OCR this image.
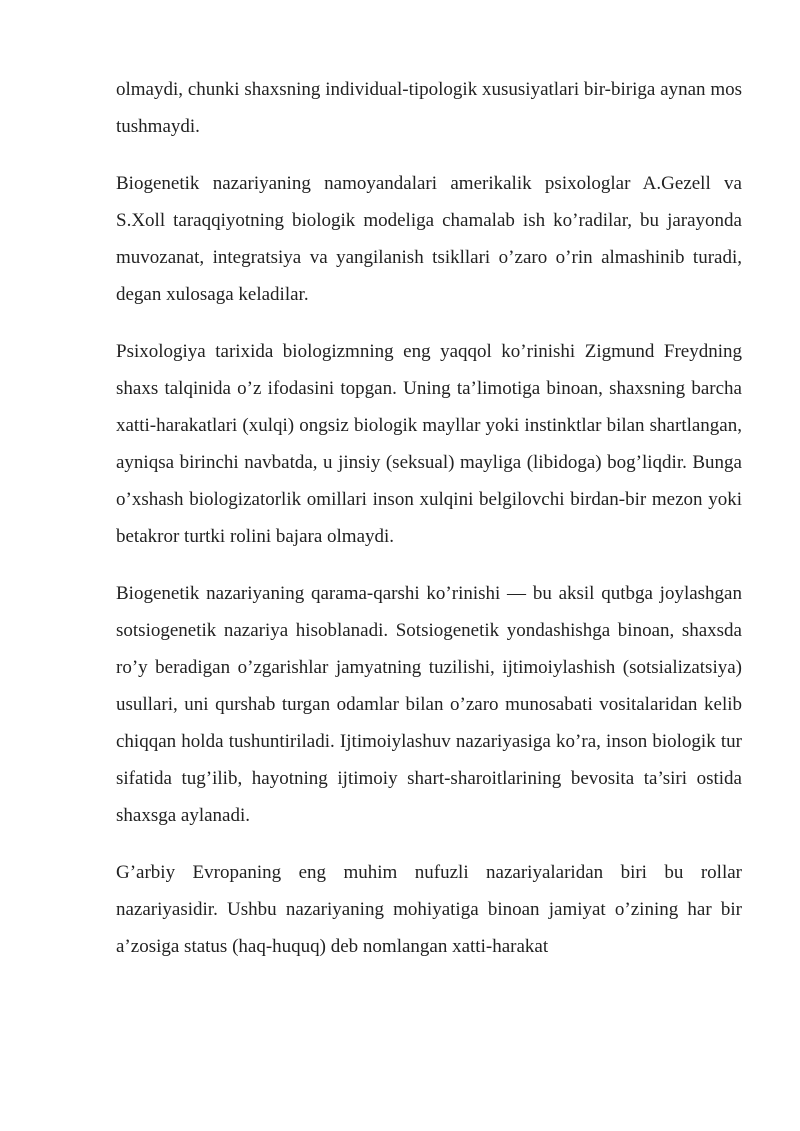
olmaydi, chunki shaxsning individual-tipologik xususiyatlari bir-biriga aynan mos tushmaydi.

Biogenetik nazariyaning namoyandalari amerikalik psixologlar A.Gezell va S.Xoll taraqqiyotning biologik modeliga chamalab ish ko’radilar, bu jarayonda muvozanat, integratsiya va yangilanish tsikllari o’zaro o’rin almashinib turadi, degan xulosaga keladilar.

Psixologiya tarixida biologizmning eng yaqqol ko’rinishi Zigmund Freydning shaxs talqinida o’z ifodasini topgan. Uning ta’limotiga binoan, shaxsning barcha xatti-harakatlari (xulqi) ongsiz biologik mayllar yoki instinktlar bilan shartlangan, ayniqsa birinchi navbatda, u jinsiy (seksual) mayliga (libidoga) bog’liqdir. Bunga o’xshash biologizatorlik omillari inson xulqini belgilovchi birdan-bir mezon yoki betakror turtki rolini bajara olmaydi.

Biogenetik nazariyaning qarama-qarshi ko’rinishi — bu aksil qutbga joylashgan sotsiogenetik nazariya hisoblanadi. Sotsiogenetik yondashishga binoan, shaxsda ro’y beradigan o’zgarishlar jamyatning tuzilishi, ijtimoiylashish (sotsializatsiya) usullari, uni qurshab turgan odamlar bilan o’zaro munosabati vositalaridan kelib chiqqan holda tushuntiriladi. Ijtimoiylashuv nazariyasiga ko’ra, inson biologik tur sifatida tug’ilib, hayotning ijtimoiy shart-sharoitlarining bevosita ta’siri ostida shaxsga aylanadi.

G’arbiy Evropaning eng muhim nufuzli nazariyalaridan biri bu rollar nazariyasidir. Ushbu nazariyaning mohiyatiga binoan jamiyat o’zining har bir a’zosiga status (haq-huquq) deb nomlangan xatti-harakat
